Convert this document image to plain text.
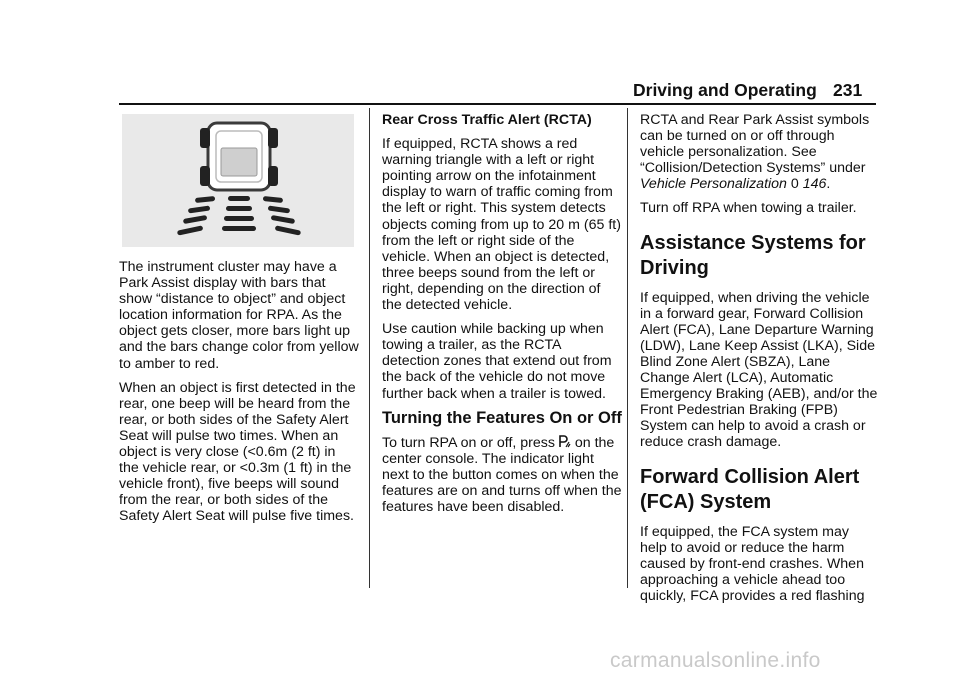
Driving and Operating 231

The instrument cluster may have a Park Assist display with bars that show “distance to object” and object location information for RPA. As the object gets closer, more bars light up and the bars change color from yellow to amber to red.

When an object is first detected in the rear, one beep will be heard from the rear, or both sides of the Safety Alert Seat will pulse two times. When an object is very close (<0.6m (2 ft) in the vehicle rear, or <0.3m (1 ft) in the vehicle front), five beeps will sound from the rear, or both sides of the Safety Alert Seat will pulse five times.

Rear Cross Traffic Alert (RCTA)

If equipped, RCTA shows a red warning triangle with a left or right pointing arrow on the infotainment display to warn of traffic coming from the left or right. This system detects objects coming from up to 20 m (65 ft) from the left or right side of the vehicle. When an object is detected, three beeps sound from the left or right, depending on the direction of the detected vehicle.

Use caution while backing up when towing a trailer, as the RCTA detection zones that extend out from the back of the vehicle do not move further back when a trailer is towed.

Turning the Features On or Off

To turn RPA on or off, press  on the center console. The indicator light next to the button comes on when the features are on and turns off when the features have been disabled.

RCTA and Rear Park Assist symbols can be turned on or off through vehicle personalization. See “Collision/Detection Systems” under Vehicle Personalization 0 146.

Turn off RPA when towing a trailer.

Assistance Systems for Driving

If equipped, when driving the vehicle in a forward gear, Forward Collision Alert (FCA), Lane Departure Warning (LDW), Lane Keep Assist (LKA), Side Blind Zone Alert (SBZA), Lane Change Alert (LCA), Automatic Emergency Braking (AEB), and/or the Front Pedestrian Braking (FPB) System can help to avoid a crash or reduce crash damage.

Forward Collision Alert (FCA) System

If equipped, the FCA system may help to avoid or reduce the harm caused by front-end crashes. When approaching a vehicle ahead too quickly, FCA provides a red flashing

carmanualsonline.info
